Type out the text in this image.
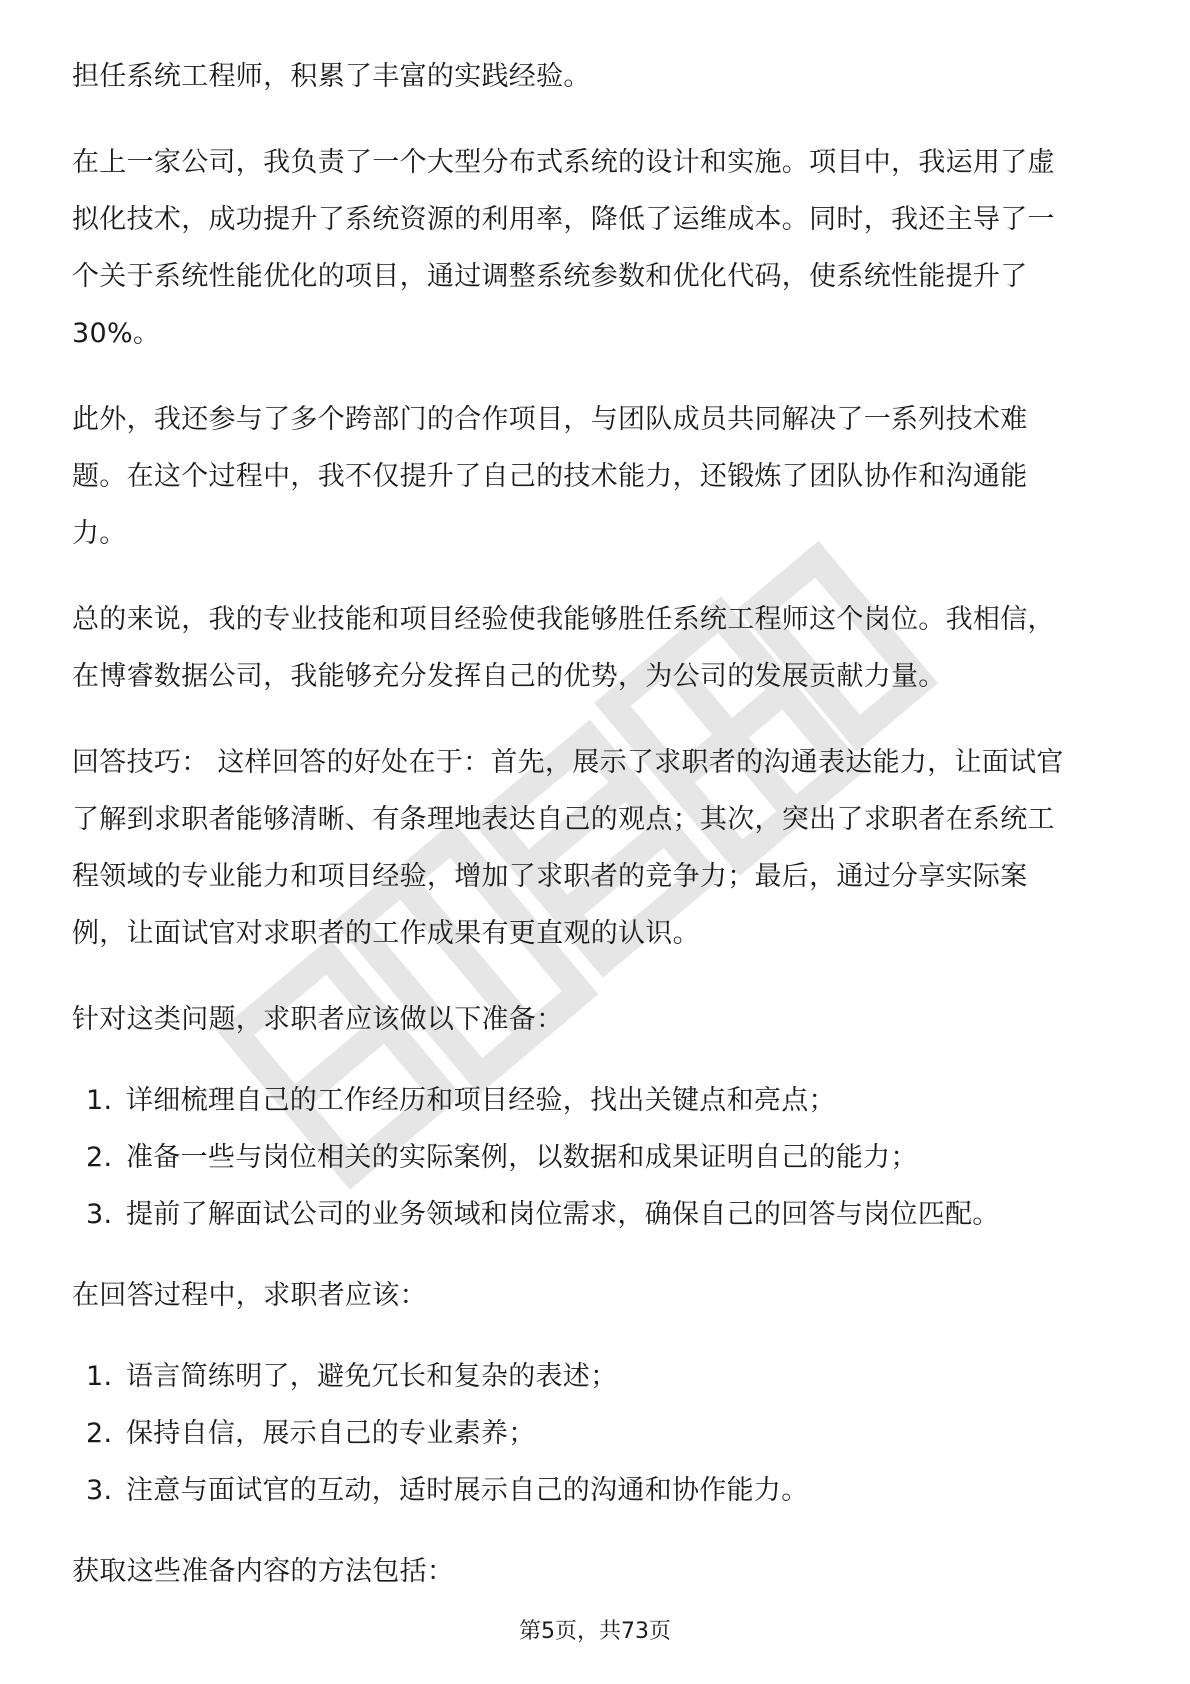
担任系统工程师，积累了丰富的实践经验。

在上一家公司，我负责了一个大型分布式系统的设计和实施。项目中，我运用了虚

拟化技术，成功提升了系统资源的利用率，降低了运维成本。同时，我还主导了一

个关于系统性能优化的项目，通过调整系统参数和优化代码，使系统性能提升了

30%。

此外，我还参与了多个跨部门的合作项目，与团队成员共同解决了一系列技术难

题。在这个过程中，我不仅提升了自己的技术能力，还锻炼了团队协作和沟通能

力。

总的来说，我的专业技能和项目经验使我能够胜任系统工程师这个岗位。我相信，

在博睿数据公司，我能够充分发挥自己的优势，为公司的发展贡献力量。

回答技巧： 这样回答的好处在于：首先，展示了求职者的沟通表达能力，让面试官

了解到求职者能够清晰、有条理地表达自己的观点；其次，突出了求职者在系统工

程领域的专业能力和项目经验，增加了求职者的竞争力；最后，通过分享实际案

例，让面试官对求职者的工作成果有更直观的认识。

针对这类问题，求职者应该做以下准备：

1. 详细梳理自己的工作经历和项目经验，找出关键点和亮点；
2. 准备一些与岗位相关的实际案例，以数据和成果证明自己的能力；
3. 提前了解面试公司的业务领域和岗位需求，确保自己的回答与岗位匹配。

在回答过程中，求职者应该：

1. 语言简练明了，避免冗长和复杂的表述；
2. 保持自信，展示自己的专业素养；
3. 注意与面试官的互动，适时展示自己的沟通和协作能力。

获取这些准备内容的方法包括：

第5页，共73页
